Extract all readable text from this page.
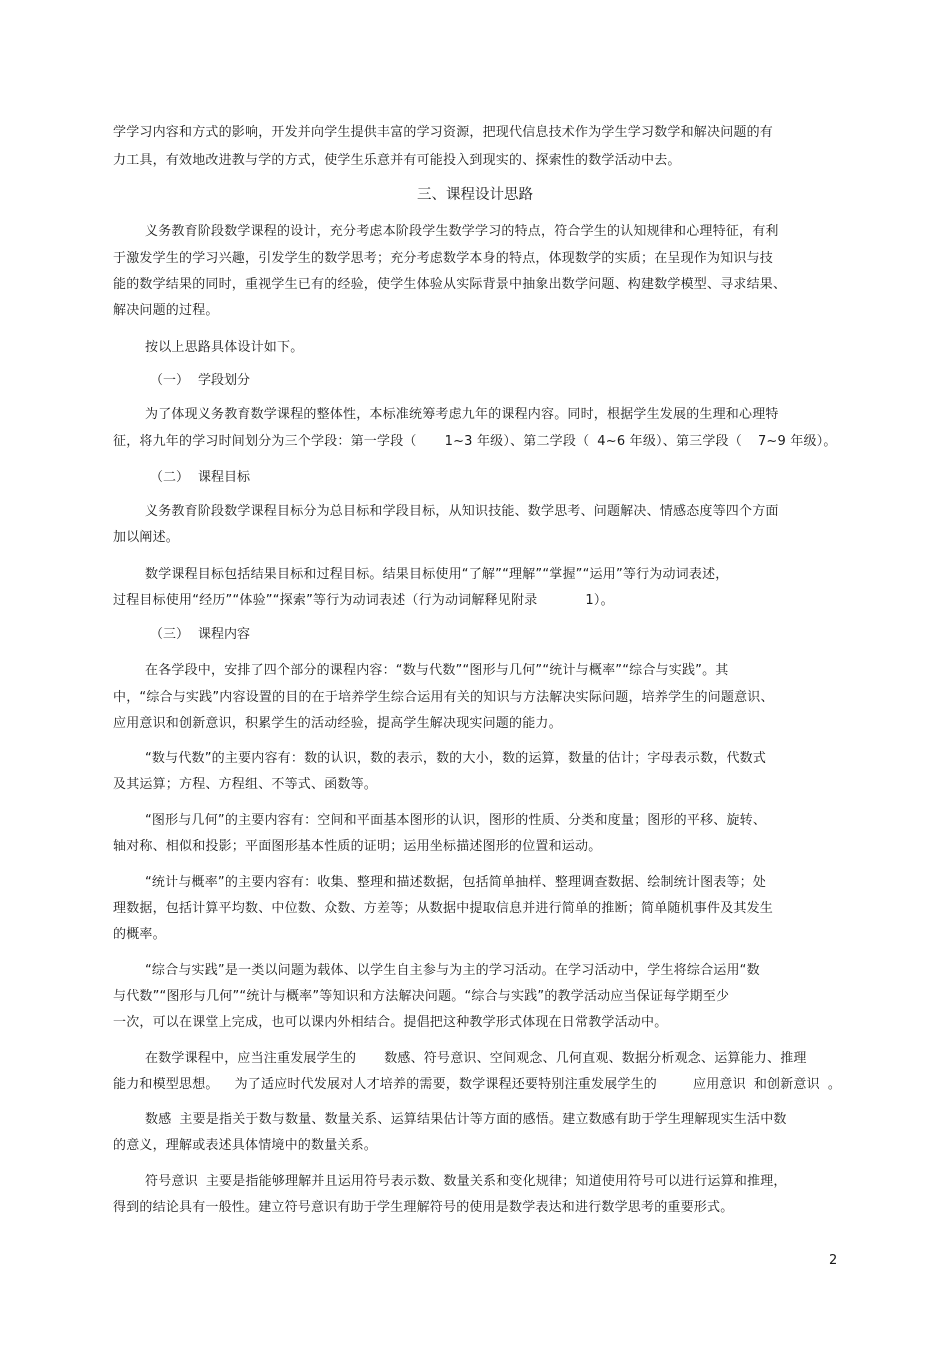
学学习内容和方式的影响，开发并向学生提供丰富的学习资源，把现代信息技术作为学生学习数学和解决问题的有
力工具，有效地改进教与学的方式，使学生乐意并有可能投入到现实的、探索性的数学活动中去。
三、课程设计思路
义务教育阶段数学课程的设计，充分考虑本阶段学生数学学习的特点，符合学生的认知规律和心理特征，有利
于激发学生的学习兴趣，引发学生的数学思考；充分考虑数学本身的特点，体现数学的实质；在呈现作为知识与技
能的数学结果的同时，重视学生已有的经验，使学生体验从实际背景中抽象出数学问题、构建数学模型、寻求结果、
解决问题的过程。
按以上思路具体设计如下。
（一） 学段划分
为了体现义务教育数学课程的整体性，本标准统筹考虑九年的课程内容。同时，根据学生发展的生理和心理特
征，将九年的学习时间划分为三个学段：第一学段（ 1~3 年级）、第二学段（ 4~6 年级）、第三学段（ 7~9 年级）。
（二） 课程目标
义务教育阶段数学课程目标分为总目标和学段目标，从知识技能、数学思考、问题解决、情感态度等四个方面
加以阐述。
数学课程目标包括结果目标和过程目标。结果目标使用“了解”“理解”“掌握”“运用”等行为动词表述，
过程目标使用“经历”“体验”“探索”等行为动词表述（行为动词解释见附录	1）。
（三） 课程内容
在各学段中，安排了四个部分的课程内容：“数与代数”“图形与几何”“统计与概率”“综合与实践”。其
中，“综合与实践”内容设置的目的在于培养学生综合运用有关的知识与方法解决实际问题，培养学生的问题意识、
应用意识和创新意识，积累学生的活动经验，提高学生解决现实问题的能力。
“数与代数”的主要内容有：数的认识，数的表示，数的大小，数的运算，数量的估计；字母表示数，代数式
及其运算；方程、方程组、不等式、函数等。
“图形与几何”的主要内容有：空间和平面基本图形的认识，图形的性质、分类和度量；图形的平移、旋转、
轴对称、相似和投影；平面图形基本性质的证明；运用坐标描述图形的位置和运动。
“统计与概率”的主要内容有：收集、整理和描述数据，包括简单抽样、整理调查数据、绘制统计图表等；处
理数据，包括计算平均数、中位数、众数、方差等；从数据中提取信息并进行简单的推断；简单随机事件及其发生
的概率。
“综合与实践”是一类以问题为载体、以学生自主参与为主的学习活动。在学习活动中，学生将综合运用“数
与代数”“图形与几何”“统计与概率”等知识和方法解决问题。“综合与实践”的教学活动应当保证每学期至少
一次，可以在课堂上完成，也可以课内外相结合。提倡把这种教学形式体现在日常教学活动中。
在数学课程中，应当注重发展学生的 数感、符号意识、空间观念、几何直观、数据分析观念、运算能力、推理
能力和模型思想。 为了适应时代发展对人才培养的需要，数学课程还要特别注重发展学生的	应用意识 和创新意识 。
数感 主要是指关于数与数量、数量关系、运算结果估计等方面的感悟。建立数感有助于学生理解现实生活中数
的意义，理解或表述具体情境中的数量关系。
符号意识 主要是指能够理解并且运用符号表示数、数量关系和变化规律；知道使用符号可以进行运算和推理，
得到的结论具有一般性。建立符号意识有助于学生理解符号的使用是数学表达和进行数学思考的重要形式。
2
